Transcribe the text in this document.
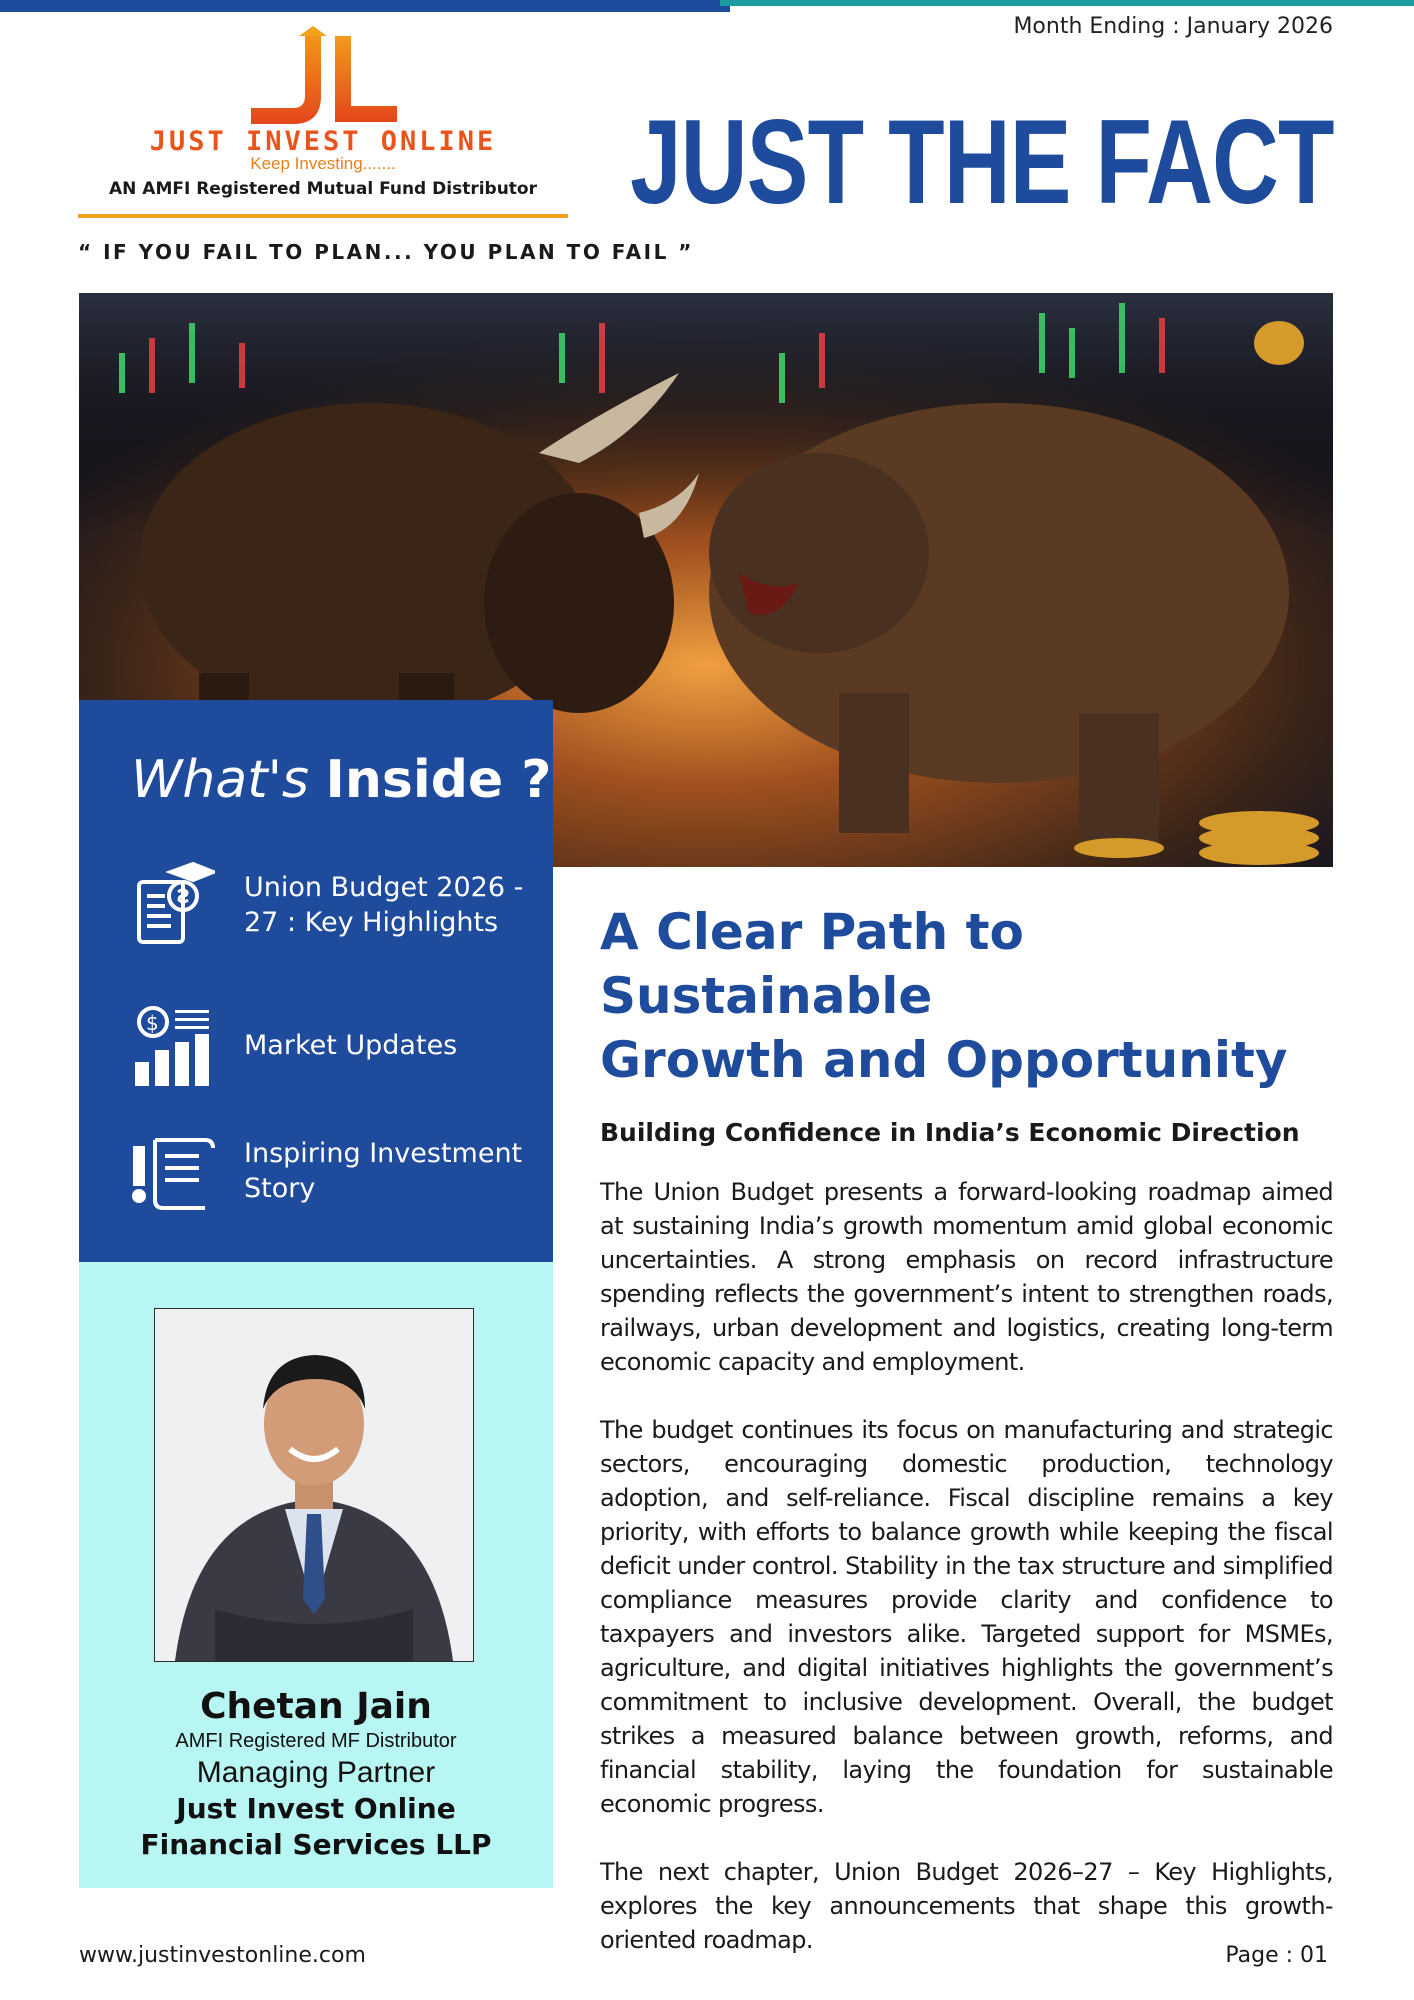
Month Ending : January 2026
JUST INVEST ONLINE
Keep Investing.......
AN AMFI Registered Mutual Fund Distributor
“ IF YOU FAIL TO PLAN... YOU PLAN TO FAIL ”
JUST THE FACT
What's Inside ?
Union Budget 2026 - 27 : Key Highlights
$
Market Updates
Inspiring Investment Story
Chetan Jain
AMFI Registered MF Distributor
Managing Partner
Just Invest Online
Financial Services LLP
A Clear Path to Sustainable
Growth and Opportunity
Building Confidence in India’s Economic Direction

The Union Budget presents a forward-looking roadmap aimed at sustaining India’s growth momentum amid global economic uncertainties. A strong emphasis on record infrastructure spending reflects the government’s intent to strengthen roads, railways, urban development and logistics, creating long-term economic capacity and employment.

The budget continues its focus on manufacturing and strategic sectors, encouraging domestic production, technology adoption, and self-reliance. Fiscal discipline remains a key priority, with efforts to balance growth while keeping the fiscal deficit under control. Stability in the tax structure and simplified compliance measures provide clarity and confidence to taxpayers and investors alike. Targeted support for MSMEs, agriculture, and digital initiatives highlights the government’s commitment to inclusive development. Overall, the budget strikes a measured balance between growth, reforms, and financial stability, laying the foundation for sustainable economic progress.

The next chapter, Union Budget 2026–27 – Key Highlights, explores the key announcements that shape this growth-oriented roadmap.

www.justinvestonline.com	Page : 01
